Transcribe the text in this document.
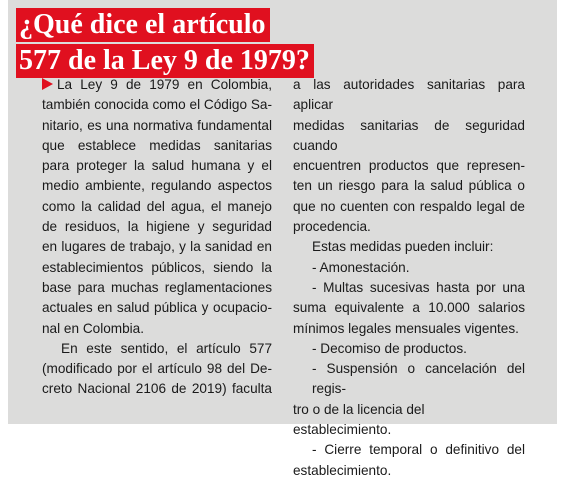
¿Qué dice el artículo
577 de la Ley 9 de 1979?

La Ley 9 de 1979 en Colombia,

también conocida como el Código Sa-

nitario, es una normativa fundamental

que establece medidas sanitarias

para proteger la salud humana y el

medio ambiente, regulando aspectos

como la calidad del agua, el manejo

de residuos, la higiene y seguridad

en lugares de trabajo, y la sanidad en

establecimientos públicos, siendo la

base para muchas reglamentaciones

actuales en salud pública y ocupacio-

nal en Colombia.

En este sentido, el artículo 577

(modificado por el artículo 98 del De-

creto Nacional 2106 de 2019) faculta

a las autoridades sanitarias para aplicar

medidas sanitarias de seguridad cuando

encuentren productos que represen-

ten un riesgo para la salud pública o

que no cuenten con respaldo legal de

procedencia.

Estas medidas pueden incluir:

- Amonestación.

- Multas sucesivas hasta por una

suma equivalente a 10.000 salarios

mínimos legales mensuales vigentes.

- Decomiso de productos.

- Suspensión o cancelación del regis-

tro o de la licencia del establecimiento.

- Cierre temporal o definitivo del

establecimiento.
